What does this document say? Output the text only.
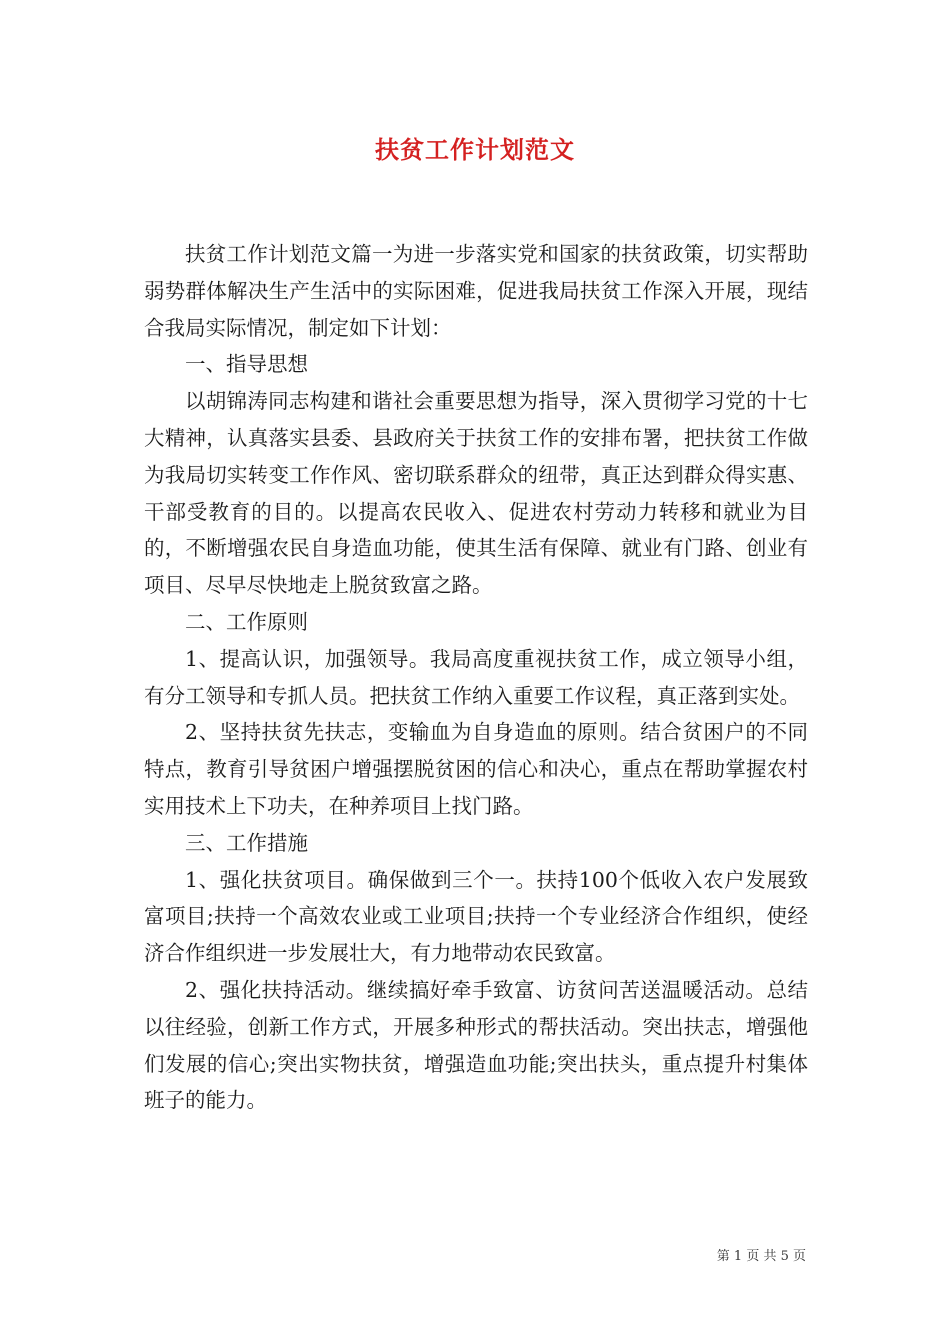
扶贫工作计划范文

扶贫工作计划范文篇一为进一步落实党和国家的扶贫政策，切实帮助弱势群体解决生产生活中的实际困难，促进我局扶贫工作深入开展，现结合我局实际情况，制定如下计划：

一、指导思想

以胡锦涛同志构建和谐社会重要思想为指导，深入贯彻学习党的十七大精神，认真落实县委、县政府关于扶贫工作的安排布署，把扶贫工作做为我局切实转变工作作风、密切联系群众的纽带，真正达到群众得实惠、干部受教育的目的。以提高农民收入、促进农村劳动力转移和就业为目的，不断增强农民自身造血功能，使其生活有保障、就业有门路、创业有项目、尽早尽快地走上脱贫致富之路。

二、工作原则

1、提高认识，加强领导。我局高度重视扶贫工作，成立领导小组，有分工领导和专抓人员。把扶贫工作纳入重要工作议程，真正落到实处。

2、坚持扶贫先扶志，变输血为自身造血的原则。结合贫困户的不同特点，教育引导贫困户增强摆脱贫困的信心和决心，重点在帮助掌握农村实用技术上下功夫，在种养项目上找门路。

三、工作措施

1、强化扶贫项目。确保做到三个一。扶持100个低收入农户发展致富项目;扶持一个高效农业或工业项目;扶持一个专业经济合作组织，使经济合作组织进一步发展壮大，有力地带动农民致富。

2、强化扶持活动。继续搞好牵手致富、访贫问苦送温暖活动。总结以往经验，创新工作方式，开展多种形式的帮扶活动。突出扶志，增强他们发展的信心;突出实物扶贫，增强造血功能;突出扶头，重点提升村集体班子的能力。

第 1 页 共 5 页
